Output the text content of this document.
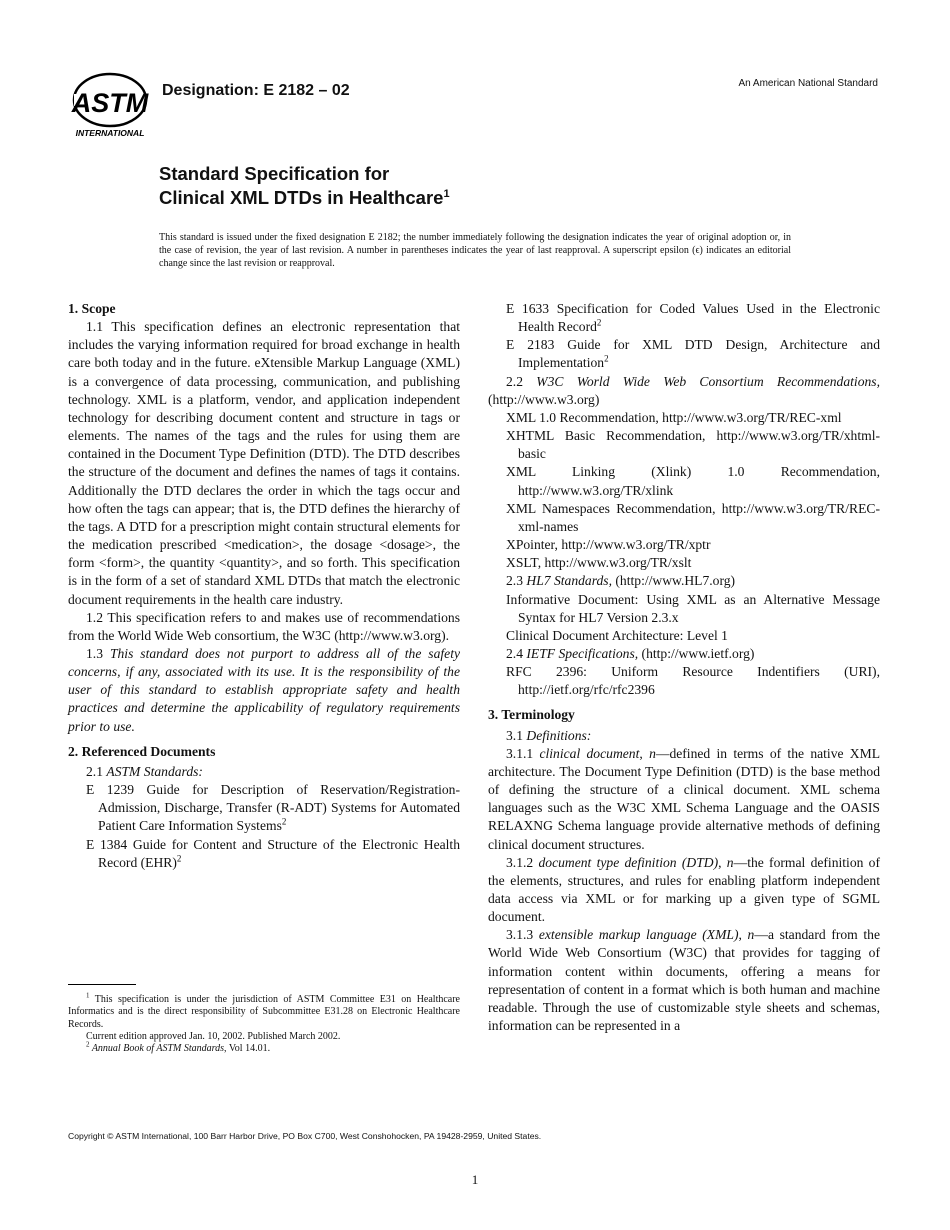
ASTM
INTERNATIONAL
Designation: E 2182 – 02	An American National Standard
Standard Specification for
Clinical XML DTDs in Healthcare$^1$
This standard is issued under the fixed designation E 2182; the number immediately following the designation indicates the year of original adoption or, in the case of revision, the year of last revision. A number in parentheses indicates the year of last reapproval. A superscript epsilon (ϵ) indicates an editorial change since the last revision or reapproval.
1. Scope

1.1 This specification defines an electronic representation that includes the varying information required for broad exchange in health care both today and in the future. eXtensible Markup Language (XML) is a convergence of data processing, communication, and publishing technology. XML is a platform, vendor, and application independent technology for describing document content and structure in tags or elements. The names of the tags and the rules for using them are contained in the Document Type Definition (DTD). The DTD describes the structure of the document and defines the names of tags it contains. Additionally the DTD declares the order in which the tags occur and how often the tags can appear; that is, the DTD defines the hierarchy of the tags. A DTD for a prescription might contain structural elements for the medication prescribed <medication>, the dosage <dosage>, the form <form>, the quantity <quantity>, and so forth. This specification is in the form of a set of standard XML DTDs that match the electronic document requirements in the health care industry.

1.2 This specification refers to and makes use of recommendations from the World Wide Web consortium, the W3C (http://www.w3.org).

1.3 This standard does not purport to address all of the safety concerns, if any, associated with its use. It is the responsibility of the user of this standard to establish appropriate safety and health practices and determine the applicability of regulatory requirements prior to use.

2. Referenced Documents

2.1 ASTM Standards:

E 1239 Guide for Description of Reservation/Registration-Admission, Discharge, Transfer (R-ADT) Systems for Automated Patient Care Information Systems$^2$

E 1384 Guide for Content and Structure of the Electronic Health Record (EHR)$^2$

E 1633 Specification for Coded Values Used in the Electronic Health Record$^2$

E 2183 Guide for XML DTD Design, Architecture and Implementation$^2$

2.2 W3C World Wide Web Consortium Recommendations, (http://www.w3.org)

XML 1.0 Recommendation, http://www.w3.org/TR/REC-xml

XHTML Basic Recommendation, http://www.w3.org/TR/xhtml-basic

XML Linking (Xlink) 1.0 Recommendation, http://www.w3.org/TR/xlink

XML Namespaces Recommendation, http://www.w3.org/TR/REC-xml-names

XPointer, http://www.w3.org/TR/xptr

XSLT, http://www.w3.org/TR/xslt

2.3 HL7 Standards, (http://www.HL7.org)

Informative Document: Using XML as an Alternative Message Syntax for HL7 Version 2.3.x

Clinical Document Architecture: Level 1

2.4 IETF Specifications, (http://www.ietf.org)

RFC 2396: Uniform Resource Indentifiers (URI), http://ietf.org/rfc/rfc2396

3. Terminology

3.1 Definitions:

3.1.1 clinical document, n—defined in terms of the native XML architecture. The Document Type Definition (DTD) is the base method of defining the structure of a clinical document. XML schema languages such as the W3C XML Schema Language and the OASIS RELAXNG Schema language provide alternative methods of defining clinical document structures.

3.1.2 document type definition (DTD), n—the formal definition of the elements, structures, and rules for enabling platform independent data access via XML or for marking up a given type of SGML document.

3.1.3 extensible markup language (XML), n—a standard from the World Wide Web Consortium (W3C) that provides for tagging of information content within documents, offering a means for representation of content in a format which is both human and machine readable. Through the use of customizable style sheets and schemas, information can be represented in a

$^1$ This specification is under the jurisdiction of ASTM Committee E31 on Healthcare Informatics and is the direct responsibility of Subcommittee E31.28 on Electronic Healthcare Records.

Current edition approved Jan. 10, 2002. Published March 2002.

$^2$ Annual Book of ASTM Standards, Vol 14.01.

Copyright © ASTM International, 100 Barr Harbor Drive, PO Box C700, West Conshohocken, PA 19428-2959, United States.
1
